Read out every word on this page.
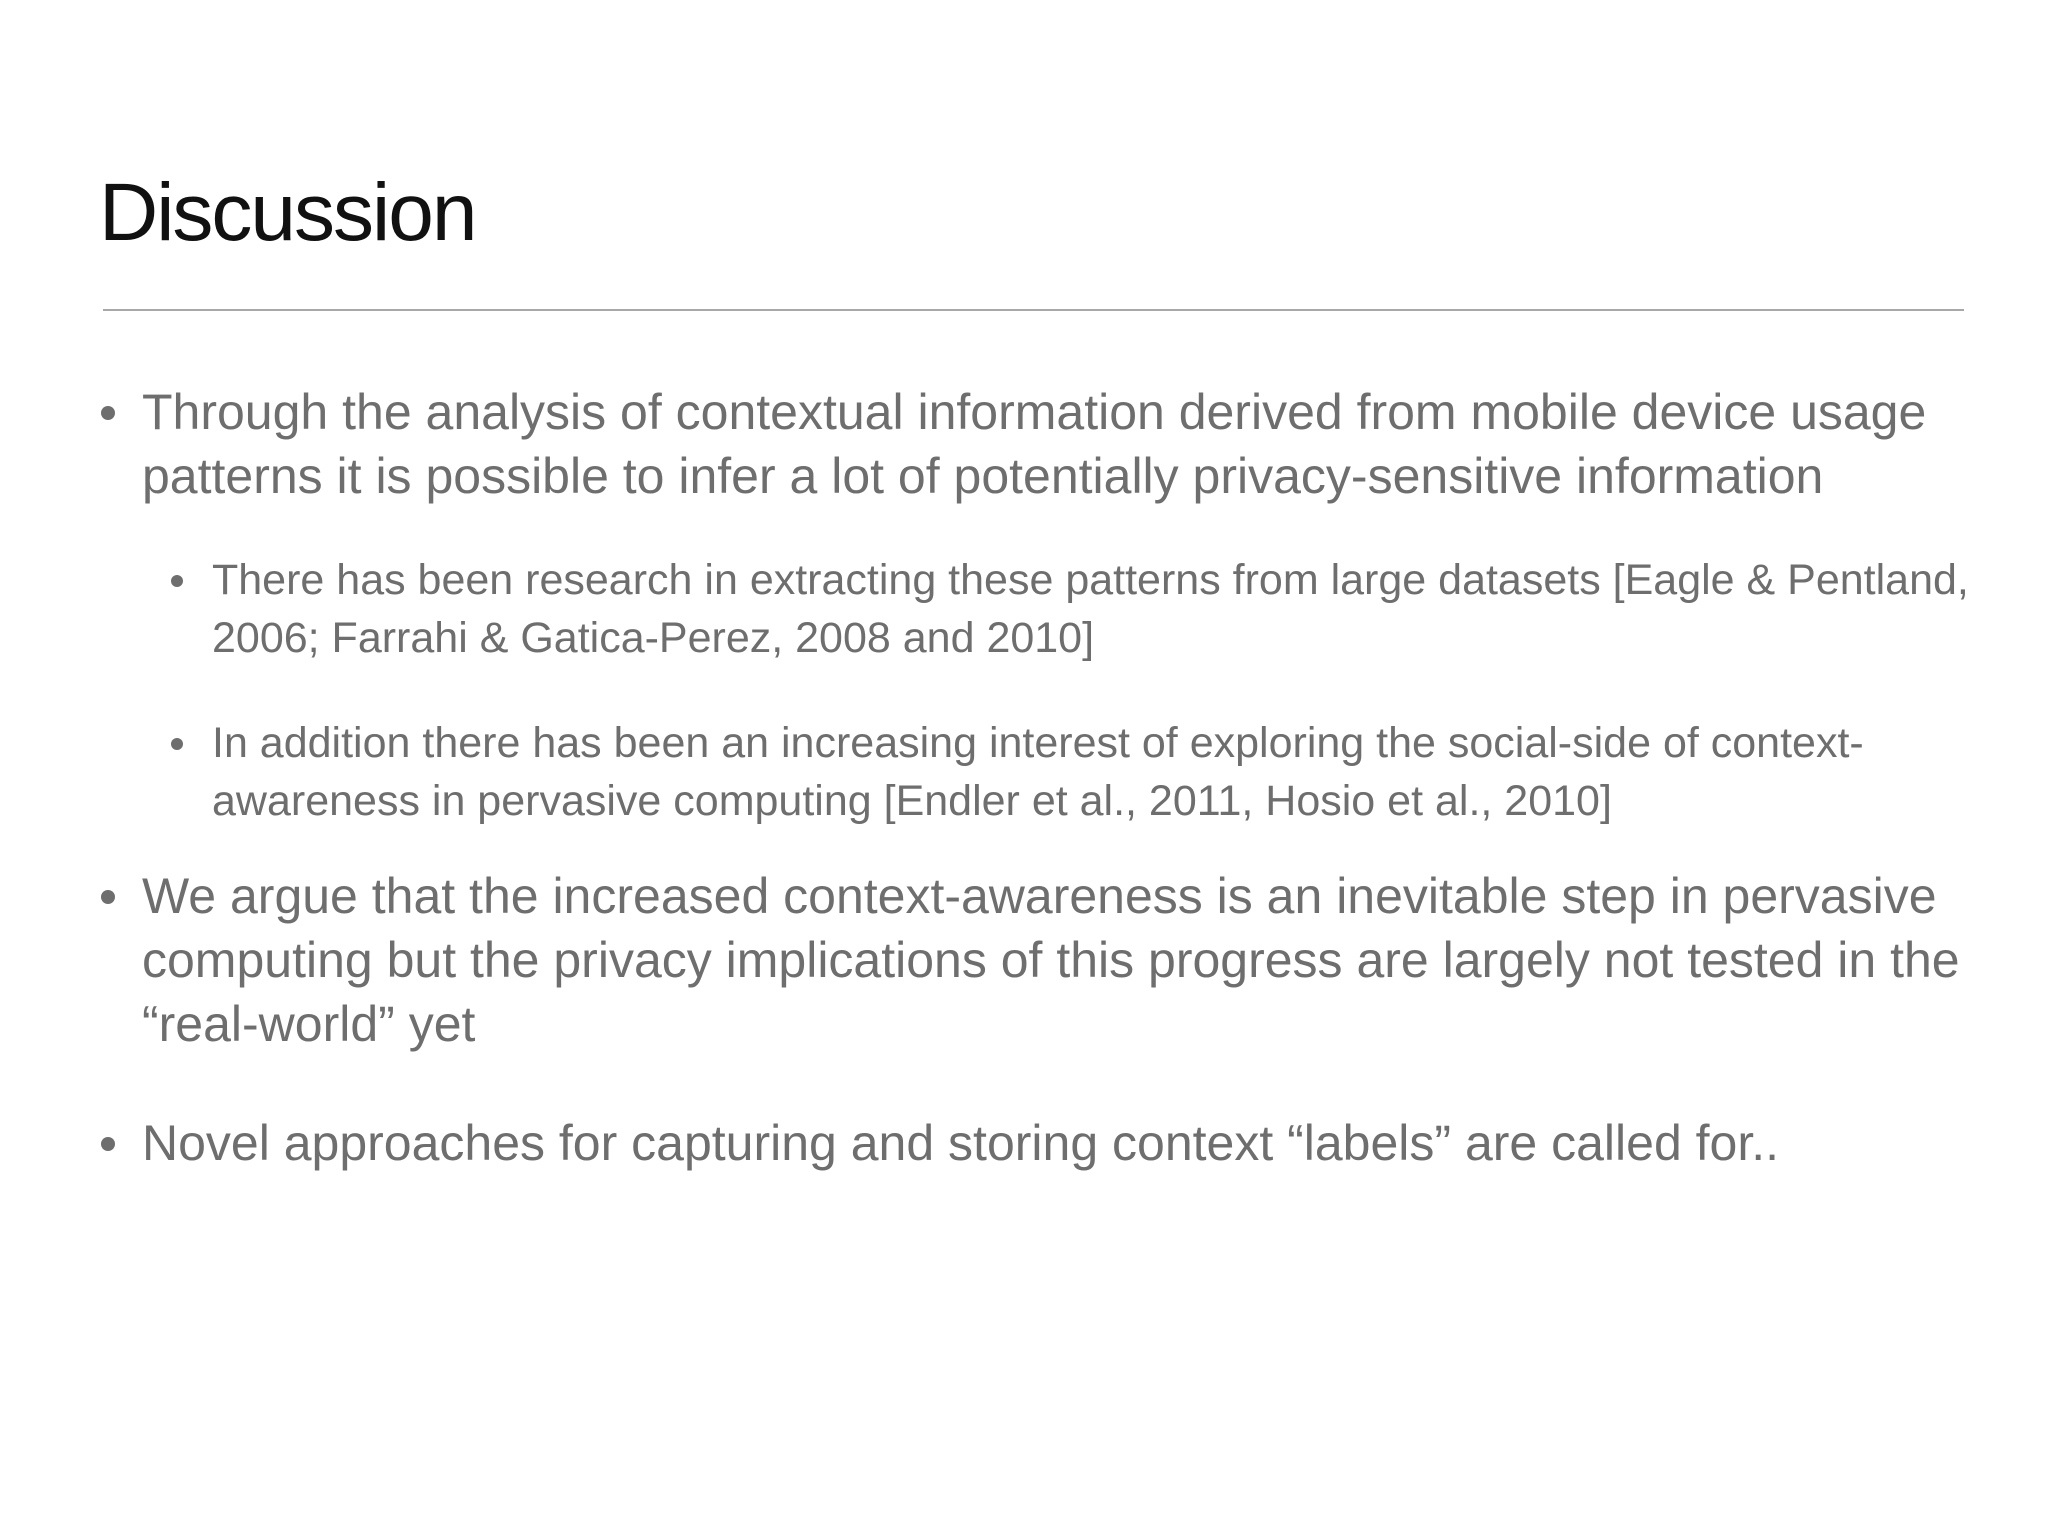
Discussion
Through the analysis of contextual information derived from mobile device usage patterns it is possible to infer a lot of potentially privacy-sensitive information
There has been research in extracting these patterns from large datasets [Eagle & Pentland, 2006; Farrahi & Gatica-Perez, 2008 and 2010]
In addition there has been an increasing interest of exploring the social-side of context-awareness in pervasive computing [Endler et al., 2011, Hosio et al., 2010]
We argue that the increased context-awareness is an inevitable step in pervasive computing but the privacy implications of this progress are largely not tested in the “real-world” yet
Novel approaches for capturing and storing context “labels” are called for..
